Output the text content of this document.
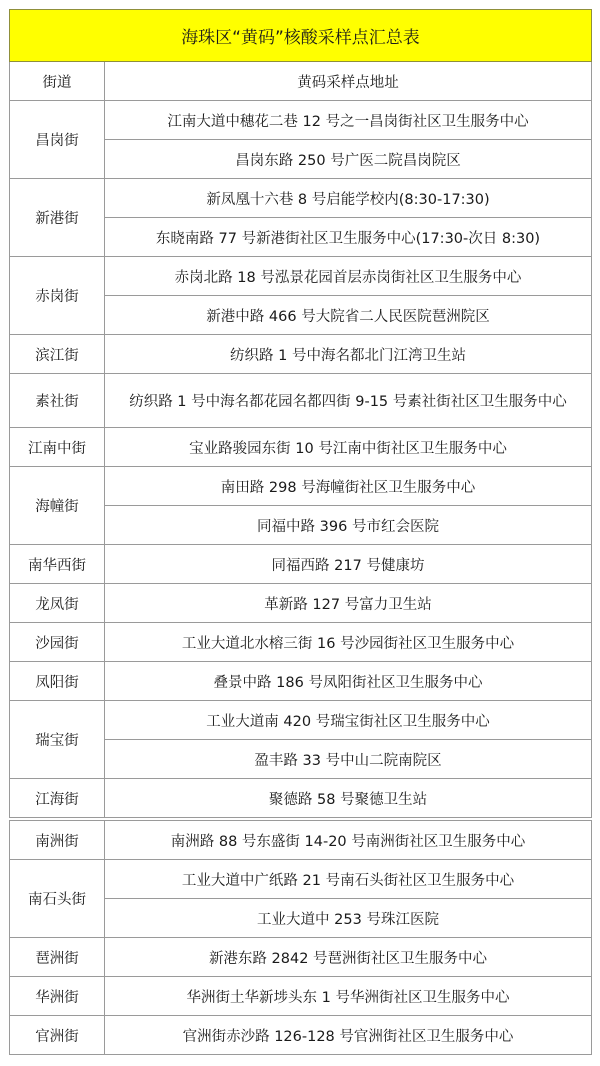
海珠区“黄码”核酸采样点汇总表	
街道	黄码采样点地址
昌岗街	江南大道中穗花二巷 12 号之一昌岗街社区卫生服务中心
	昌岗东路 250 号广医二院昌岗院区
新港街	新凤凰十六巷 8 号启能学校内(8:30-17:30)
	东晓南路 77 号新港街社区卫生服务中心(17:30-次日 8:30)
赤岗街	赤岗北路 18 号泓景花园首层赤岗街社区卫生服务中心
	新港中路 466 号大院省二人民医院琶洲院区
滨江街	纺织路 1 号中海名都北门江湾卫生站
素社街	纺织路 1 号中海名都花园名都四街 9-15 号素社街社区卫生服务中心
江南中街	宝业路骏园东街 10 号江南中街社区卫生服务中心
海幢街	南田路 298 号海幢街社区卫生服务中心
	同福中路 396 号市红会医院
南华西街	同福西路 217 号健康坊
龙凤街	革新路 127 号富力卫生站
沙园街	工业大道北水榕三街 16 号沙园街社区卫生服务中心
凤阳街	叠景中路 186 号凤阳街社区卫生服务中心
瑞宝街	工业大道南 420 号瑞宝街社区卫生服务中心
	盈丰路 33 号中山二院南院区
江海街	聚德路 58 号聚德卫生站
南洲街	南洲路 88 号东盛街 14-20 号南洲街社区卫生服务中心
南石头街	工业大道中广纸路 21 号南石头街社区卫生服务中心
	工业大道中 253 号珠江医院
琶洲街	新港东路 2842 号琶洲街社区卫生服务中心
华洲街	华洲街土华新埗头东 1 号华洲街社区卫生服务中心
官洲街	官洲街赤沙路 126-128 号官洲街社区卫生服务中心
